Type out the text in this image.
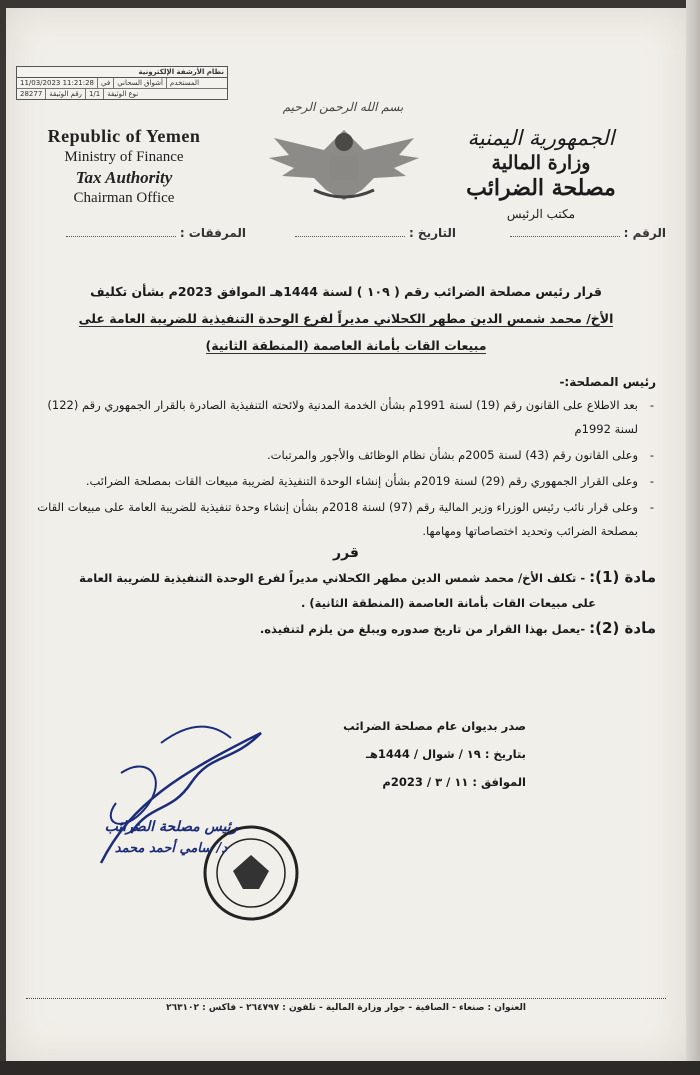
نظام الأرشفة الإلكترونية
11/03/2023 11:21:28	في	أشواق السحاني	المستخدم
28277	رقم الوثيقة	1/1	نوع الوثيقة
Republic of Yemen
Ministry of Finance
Tax Authority
Chairman Office
بسم الله الرحمن الرحيم
الجمهورية اليمنية
وزارة المالية
مصلحة الضرائب
مكتب الرئيس
الرقم :
التاريخ :
المرفقات :
قرار رئيس مصلحة الضرائب رقم ( ١٠٩ ) لسنة 1444هـ الموافق 2023م بشأن تكليف
الأخ/ محمد شمس الدين مطهر الكحلاني مديراً لفرع الوحدة التنفيذية للضريبة العامة على
مبيعات القات بأمانة العاصمة (المنطقة الثانية)
رئيس المصلحة:-
- بعد الاطلاع على القانون رقم (19) لسنة 1991م بشأن الخدمة المدنية ولائحته التنفيذية الصادرة بالقرار الجمهوري رقم (122) لسنة 1992م
- وعلى القانون رقم (43) لسنة 2005م بشأن نظام الوظائف والأجور والمرتبات.
- وعلى القرار الجمهوري رقم (29) لسنة 2019م بشأن إنشاء الوحدة التنفيذية لضريبة مبيعات القات بمصلحة الضرائب.
- وعلى قرار نائب رئيس الوزراء وزير المالية رقم (97) لسنة 2018م بشأن إنشاء وحدة تنفيذية للضريبة العامة على مبيعات القات بمصلحة الضرائب وتحديد اختصاصاتها ومهامها.
قرر
مادة (1): - تكلف الأخ/ محمد شمس الدين مطهر الكحلاني مديراً لفرع الوحدة التنفيذية للضريبة العامة
على مبيعات القات بأمانة العاصمة (المنطقة الثانية) .
مادة (2): -يعمل بهذا القرار من تاريخ صدوره ويبلغ من يلزم لتنفيذه.
صدر بديوان عام مصلحة الضرائب
بتاريخ : ١٩ / شوال / 1444هـ
الموافق : ١١ / ٣ / 2023م
رئيس مصلحة الضرائب
د/ سامي أحمد محمد
العنوان : صنعاء - الصافية - جوار وزارة المالية - تلفون : ٢٦٤٧٩٧ - فاكس : ٢٦٣١٠٢
